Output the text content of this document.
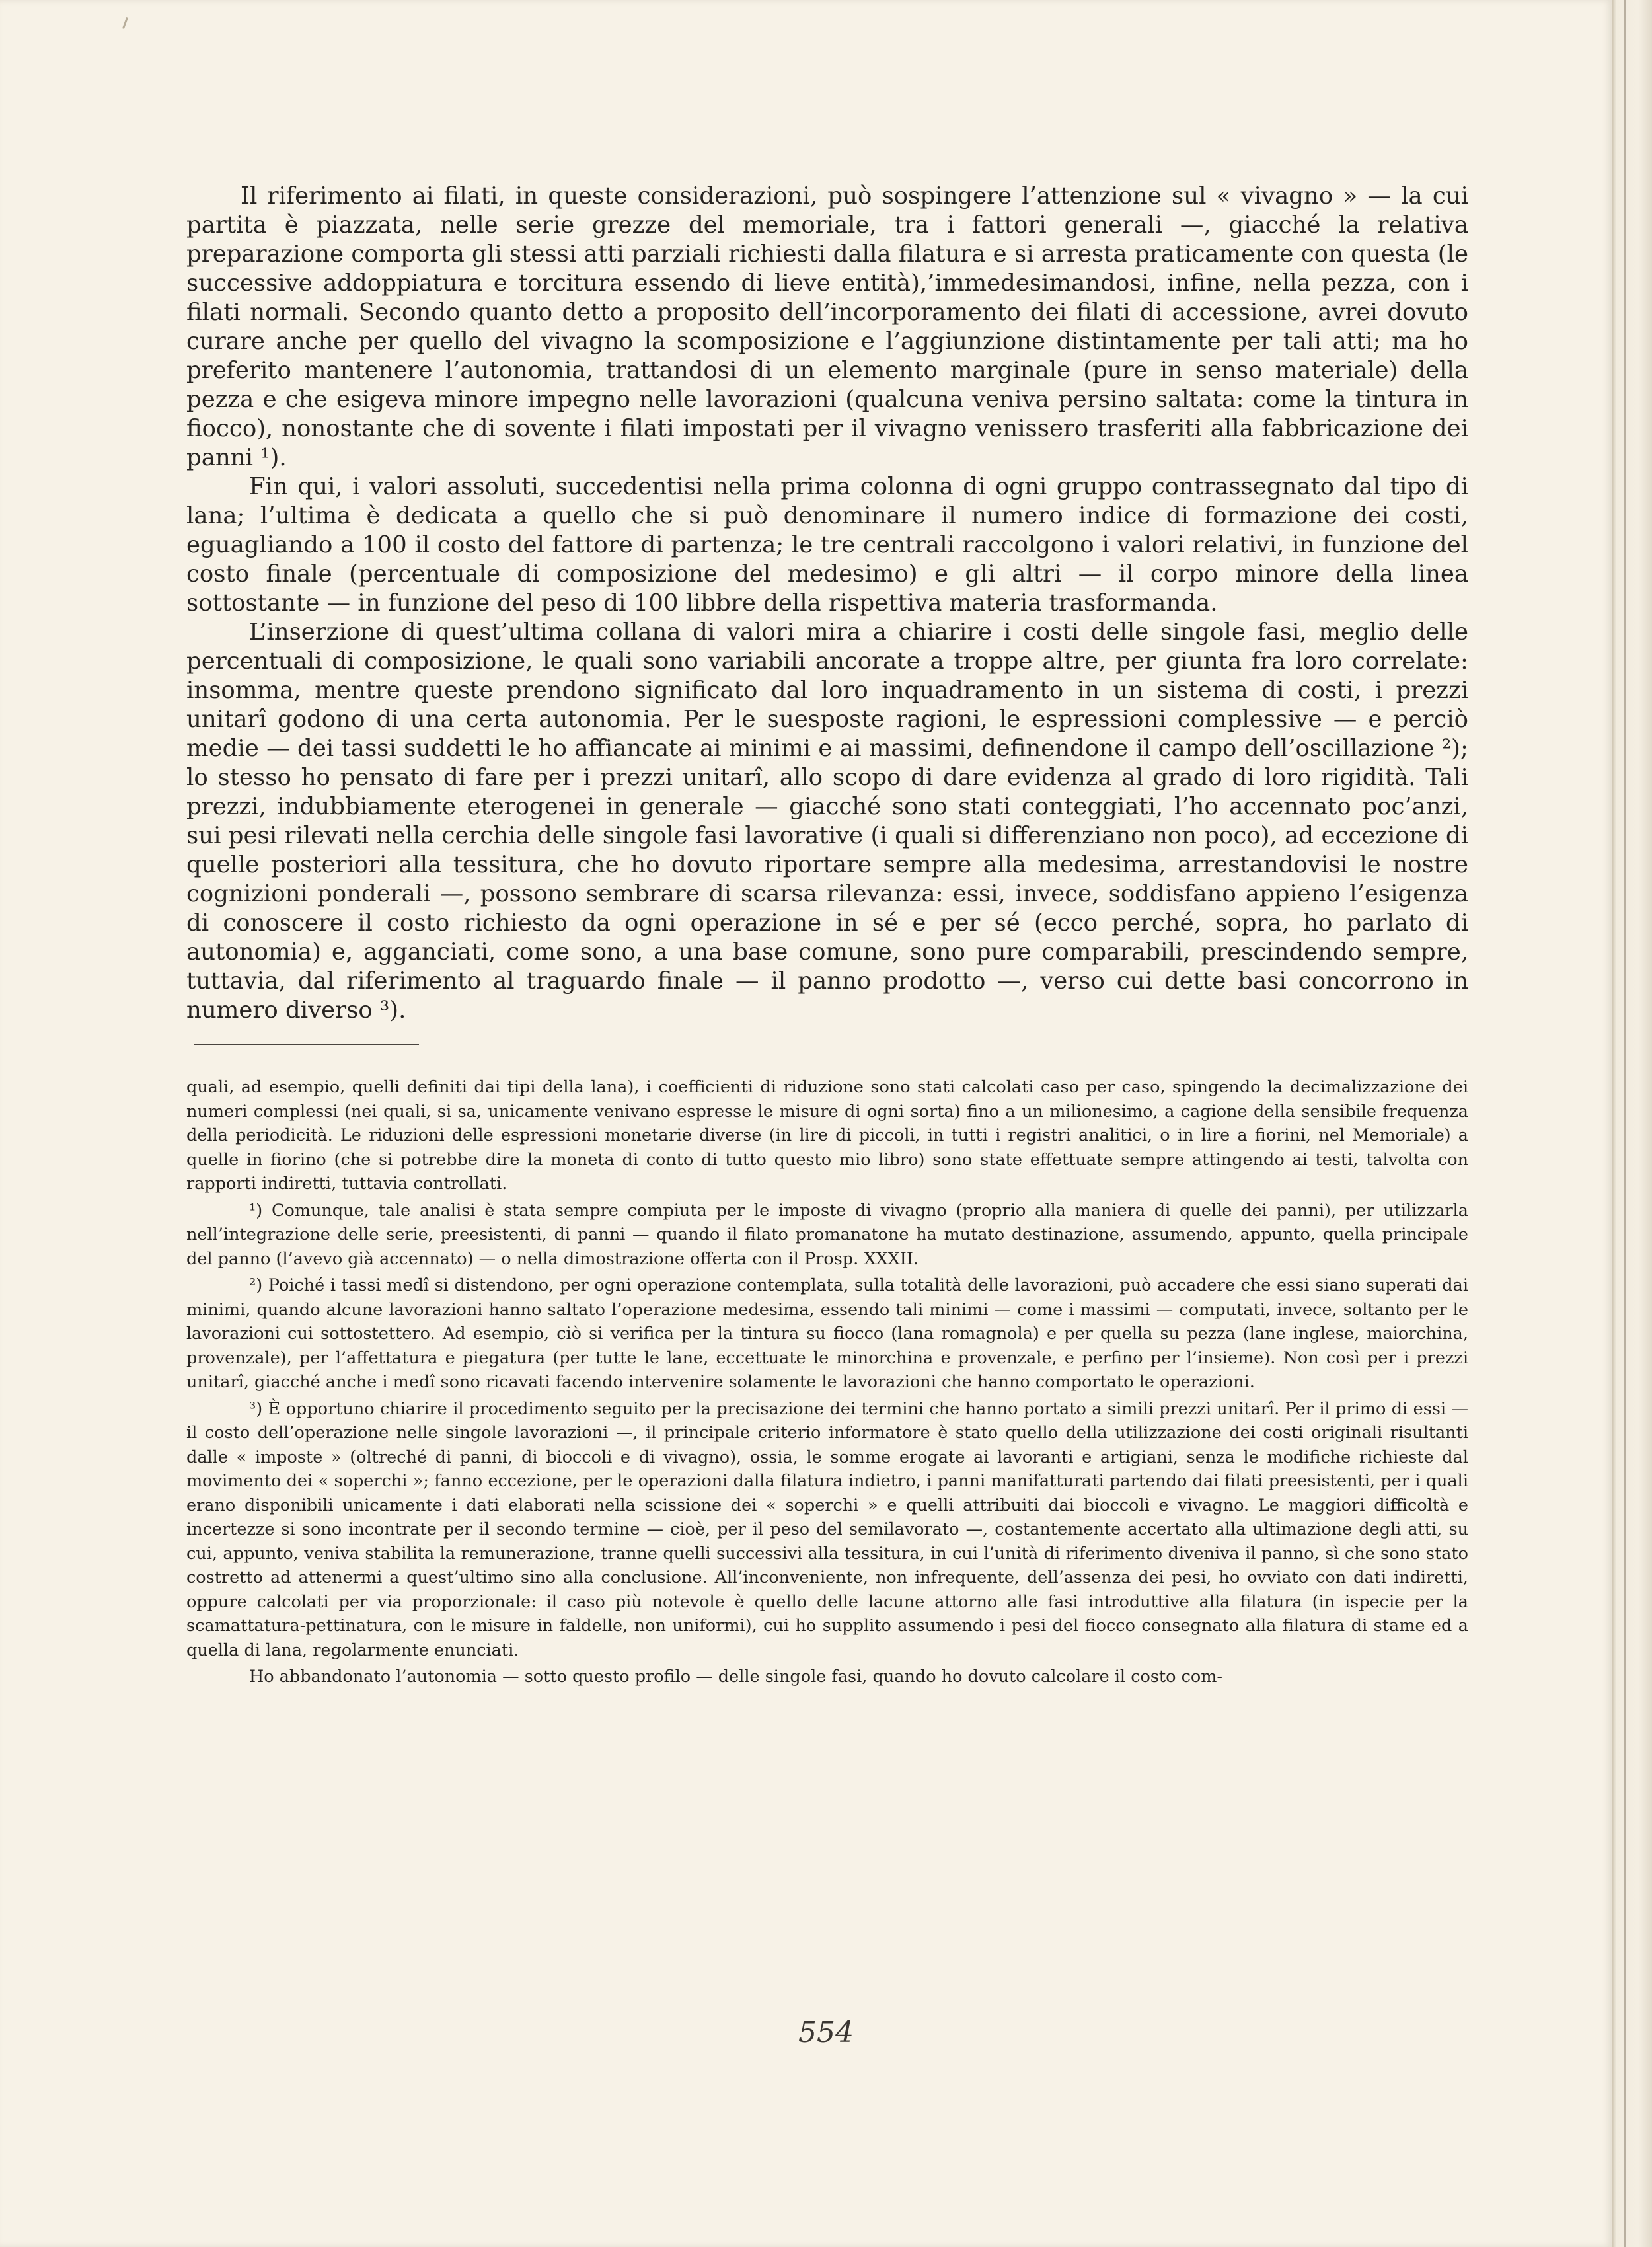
Il riferimento ai filati, in queste considerazioni, può sospingere l’attenzione sul « vivagno » — la cui partita è piazzata, nelle serie grezze del memoriale, tra i fattori generali —, giacché la relativa preparazione comporta gli stessi atti parziali richiesti dalla filatura e si arresta praticamente con questa (le successive addoppiatura e torcitura essendo di lieve entità),’immedesimandosi, infine, nella pezza, con i filati normali. Secondo quanto detto a proposito dell’incorporamento dei filati di accessione, avrei dovuto curare anche per quello del vivagno la scomposizione e l’aggiunzione distintamente per tali atti; ma ho preferito mantenere l’autonomia, trattandosi di un elemento marginale (pure in senso materiale) della pezza e che esigeva minore impegno nelle lavorazioni (qualcuna veniva persino saltata: come la tintura in fiocco), nonostante che di sovente i filati impostati per il vivagno venissero trasferiti alla fabbricazione dei panni ¹).

Fin qui, i valori assoluti, succedentisi nella prima colonna di ogni gruppo contrassegnato dal tipo di lana; l’ultima è dedicata a quello che si può denominare il numero indice di formazione dei costi, eguagliando a 100 il costo del fattore di partenza; le tre centrali raccolgono i valori relativi, in funzione del costo finale (percentuale di composizione del medesimo) e gli altri — il corpo minore della linea sottostante — in funzione del peso di 100 libbre della rispettiva materia trasformanda.

L’inserzione di quest’ultima collana di valori mira a chiarire i costi delle singole fasi, meglio delle percentuali di composizione, le quali sono variabili ancorate a troppe altre, per giunta fra loro correlate: insomma, mentre queste prendono significato dal loro inquadramento in un sistema di costi, i prezzi unitarî godono di una certa autonomia. Per le suesposte ragioni, le espressioni complessive — e perciò medie — dei tassi suddetti le ho affiancate ai minimi e ai massimi, definendone il campo dell’oscillazione ²); lo stesso ho pensato di fare per i prezzi unitarî, allo scopo di dare evidenza al grado di loro rigidità. Tali prezzi, indubbiamente eterogenei in generale — giacché sono stati conteggiati, l’ho accennato poc’anzi, sui pesi rilevati nella cerchia delle singole fasi lavorative (i quali si differenziano non poco), ad eccezione di quelle posteriori alla tessitura, che ho dovuto riportare sempre alla medesima, arrestandovisi le nostre cognizioni ponderali —, possono sembrare di scarsa rilevanza: essi, invece, soddisfano appieno l’esigenza di conoscere il costo richiesto da ogni operazione in sé e per sé (ecco perché, sopra, ho parlato di autonomia) e, agganciati, come sono, a una base comune, sono pure comparabili, prescindendo sempre, tuttavia, dal riferimento al traguardo finale — il panno prodotto —, verso cui dette basi concorrono in numero diverso ³).

quali, ad esempio, quelli definiti dai tipi della lana), i coefficienti di riduzione sono stati calcolati caso per caso, spingendo la decimalizzazione dei numeri complessi (nei quali, si sa, unicamente venivano espresse le misure di ogni sorta) fino a un milionesimo, a cagione della sensibile frequenza della periodicità. Le riduzioni delle espressioni monetarie diverse (in lire di piccoli, in tutti i registri analitici, o in lire a fiorini, nel Memoriale) a quelle in fiorino (che si potrebbe dire la moneta di conto di tutto questo mio libro) sono state effettuate sempre attingendo ai testi, talvolta con rapporti indiretti, tuttavia controllati.

¹) Comunque, tale analisi è stata sempre compiuta per le imposte di vivagno (proprio alla maniera di quelle dei panni), per utilizzarla nell’integrazione delle serie, preesistenti, di panni — quando il filato promanatone ha mutato destinazione, assumendo, appunto, quella principale del panno (l’avevo già accennato) — o nella dimostrazione offerta con il Prosp. XXXII.

²) Poiché i tassi medî si distendono, per ogni operazione contemplata, sulla totalità delle lavorazioni, può accadere che essi siano superati dai minimi, quando alcune lavorazioni hanno saltato l’operazione medesima, essendo tali minimi — come i massimi — computati, invece, soltanto per le lavorazioni cui sottostettero. Ad esempio, ciò si verifica per la tintura su fiocco (lana romagnola) e per quella su pezza (lane inglese, maiorchina, provenzale), per l’affettatura e piegatura (per tutte le lane, eccettuate le minorchina e provenzale, e perfino per l’insieme). Non così per i prezzi unitarî, giacché anche i medî sono ricavati facendo intervenire solamente le lavorazioni che hanno comportato le operazioni.

³) È opportuno chiarire il procedimento seguito per la precisazione dei termini che hanno portato a simili prezzi unitarî. Per il primo di essi — il costo dell’operazione nelle singole lavorazioni —, il principale criterio informatore è stato quello della utilizzazione dei costi originali risultanti dalle « imposte » (oltreché di panni, di bioccoli e di vivagno), ossia, le somme erogate ai lavoranti e artigiani, senza le modifiche richieste dal movimento dei « soperchi »; fanno eccezione, per le operazioni dalla filatura indietro, i panni manifatturati partendo dai filati preesistenti, per i quali erano disponibili unicamente i dati elaborati nella scissione dei « soperchi » e quelli attribuiti dai bioccoli e vivagno. Le maggiori difficoltà e incertezze si sono incontrate per il secondo termine — cioè, per il peso del semilavorato —, costantemente accertato alla ultimazione degli atti, su cui, appunto, veniva stabilita la remunerazione, tranne quelli successivi alla tessitura, in cui l’unità di riferimento diveniva il panno, sì che sono stato costretto ad attenermi a quest’ultimo sino alla conclusione. All’inconveniente, non infrequente, dell’assenza dei pesi, ho ovviato con dati indiretti, oppure calcolati per via proporzionale: il caso più notevole è quello delle lacune attorno alle fasi introduttive alla filatura (in ispecie per la scamattatura-pettinatura, con le misure in faldelle, non uniformi), cui ho supplito assumendo i pesi del fiocco consegnato alla filatura di stame ed a quella di lana, regolarmente enunciati.

Ho abbandonato l’autonomia — sotto questo profilo — delle singole fasi, quando ho dovuto calcolare il costo com-

554
